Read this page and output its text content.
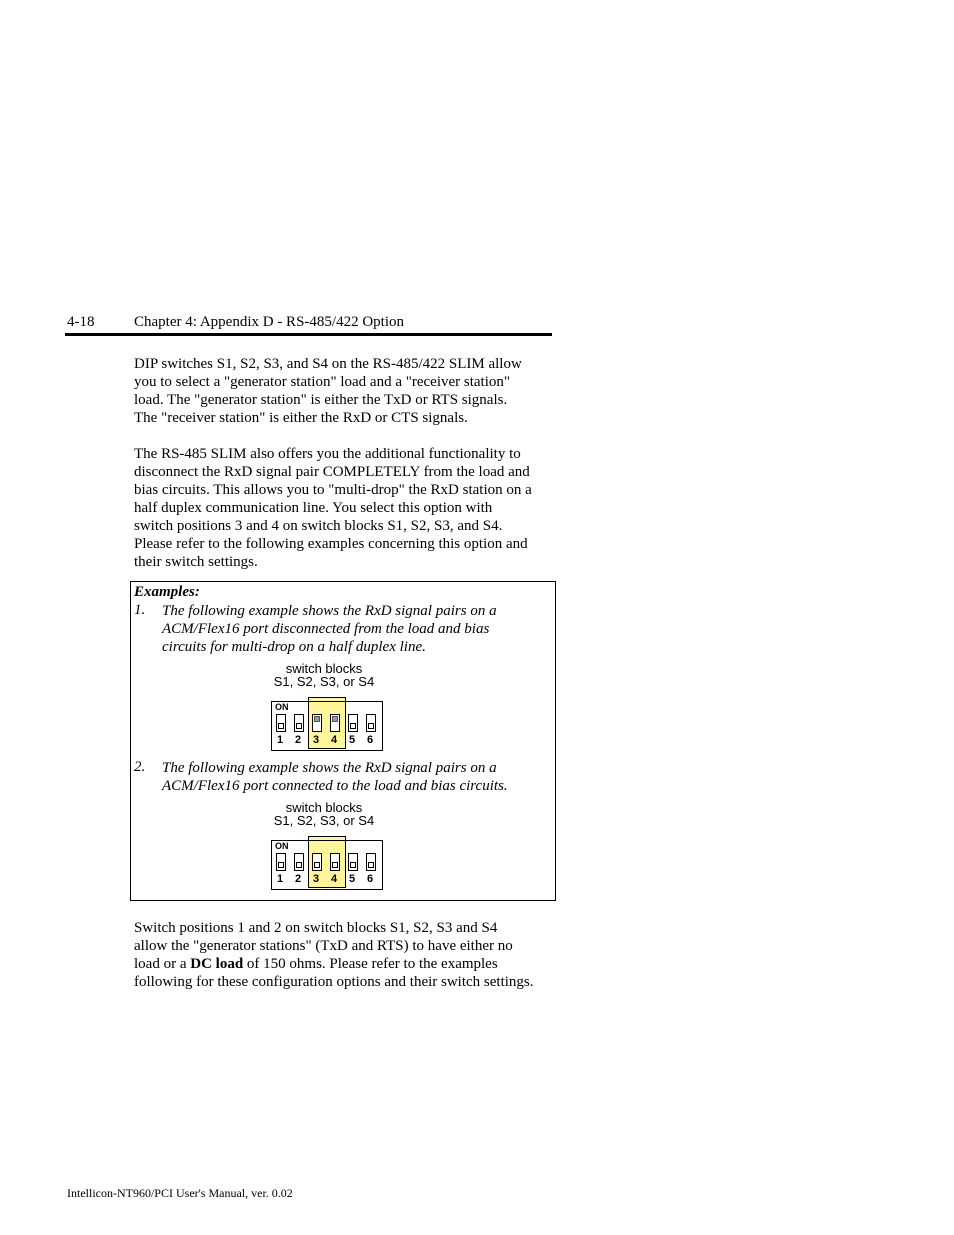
4-18	Chapter 4: Appendix D - RS-485/422 Option
DIP switches S1, S2, S3, and S4 on the RS-485/422 SLIM allow
you to select a "generator station" load and a "receiver station"
load. The "generator station" is either the TxD or RTS signals.
The "receiver station" is either the RxD or CTS signals.
The RS-485 SLIM also offers you the additional functionality to
disconnect the RxD signal pair COMPLETELY from the load and
bias circuits. This allows you to "multi-drop" the RxD station on a
half duplex communication line. You select this option with
switch positions 3 and 4 on switch blocks S1, S2, S3, and S4.
Please refer to the following examples concerning this option and
their switch settings.
Examples:
1. The following example shows the RxD signal pairs on a
ACM/Flex16 port disconnected from the load and bias
circuits for multi-drop on a half duplex line.
switch blocks
S1, S2, S3, or S4
ON
1 2 3 4 5 6
2. The following example shows the RxD signal pairs on a
ACM/Flex16 port connected to the load and bias circuits.
switch blocks
S1, S2, S3, or S4
ON
1 2 3 4 5 6
Switch positions 1 and 2 on switch blocks S1, S2, S3 and S4
allow the "generator stations" (TxD and RTS) to have either no
load or a DC load of 150 ohms. Please refer to the examples
following for these configuration options and their switch settings.
Intellicon-NT960/PCI User's Manual, ver. 0.02
